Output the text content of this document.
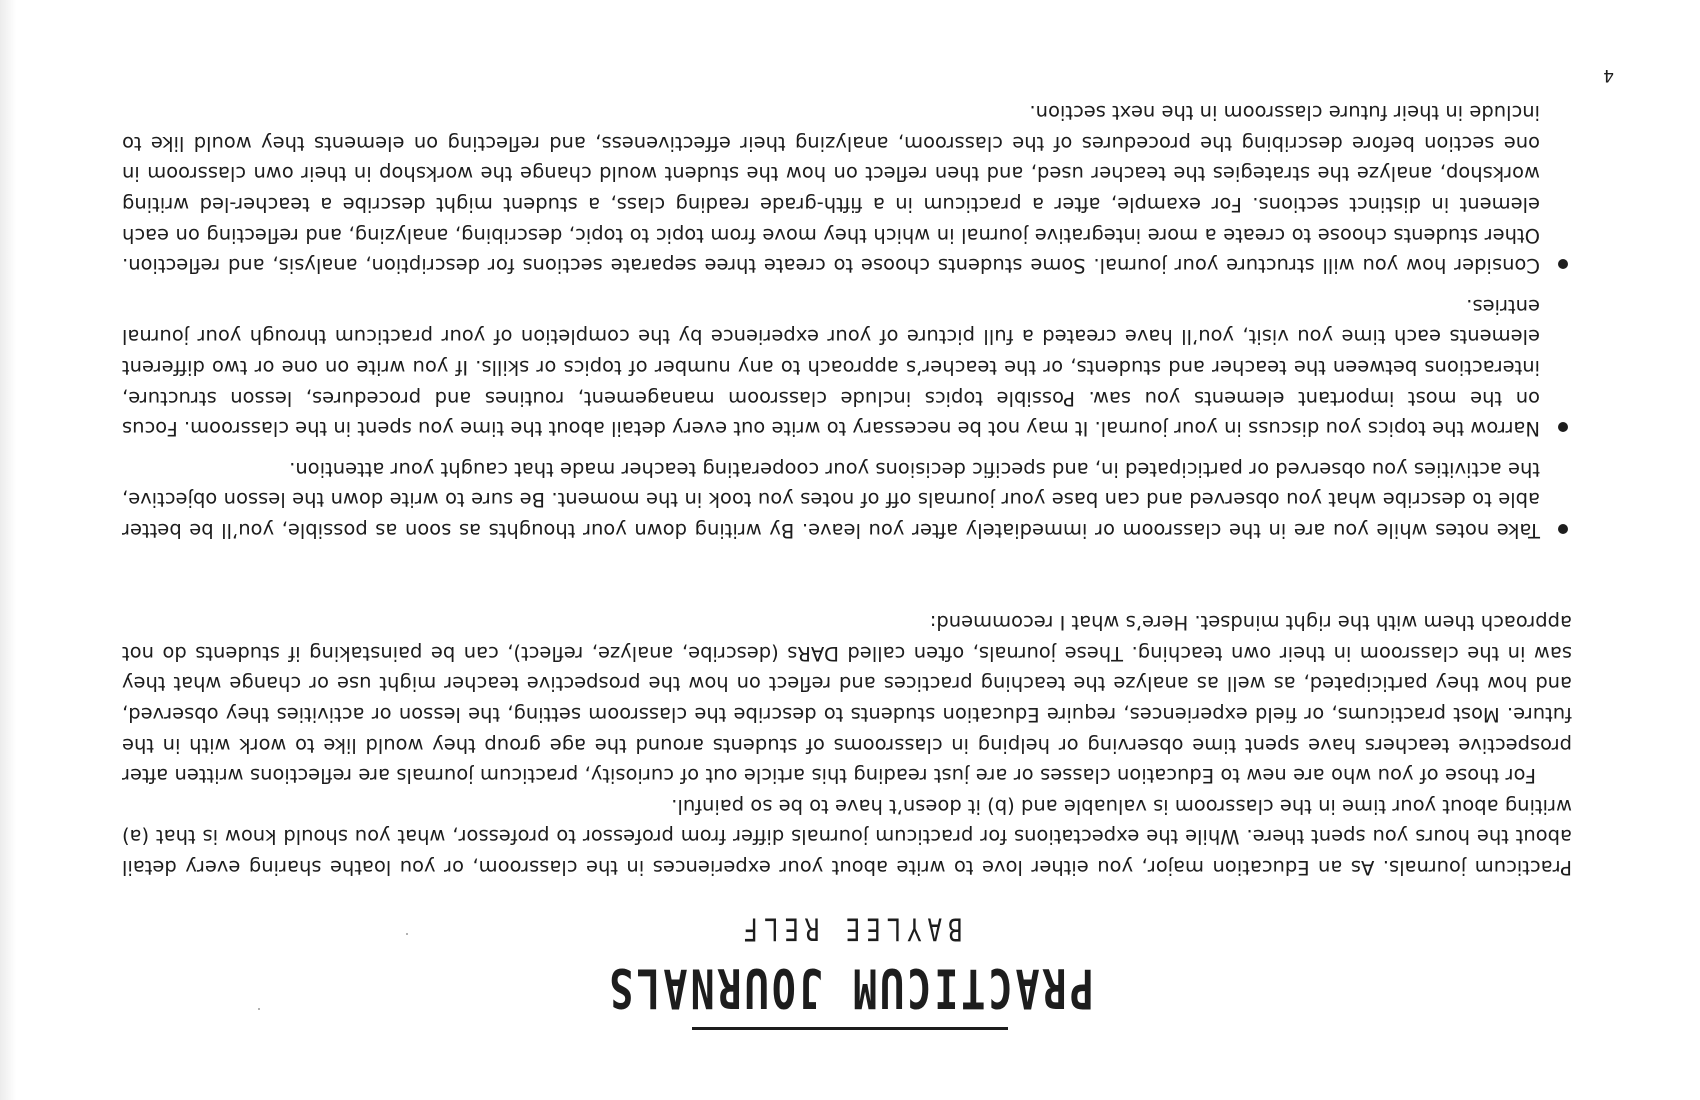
PRACTICUM JOURNALS
BAYLEE RELF

Practicum journals. As an Education major, you either love to write about your experiences in the classroom, or you loathe sharing every detail about the hours you spent there. While the expectations for practicum journals differ from professor to professor, what you should know is that (a) writing about your time in the classroom is valuable and (b) it doesn’t have to be so painful.

For those of you who are new to Education classes or are just reading this article out of curiosity, practicum journals are reflections written after prospective teachers have spent time observing or helping in classrooms of students around the age group they would like to work with in the future. Most practicums, or field experiences, require Education students to describe the classroom setting, the lesson or activities they observed, and how they participated, as well as analyze the teaching practices and reflect on how the prospective teacher might use or change what they saw in the classroom in their own teaching. These journals, often called DARs (describe, analyze, reflect), can be painstaking if students do not approach them with the right mindset. Here’s what I recommend:

Take notes while you are in the classroom or immediately after you leave. By writing down your thoughts as soon as possible, you’ll be better able to describe what you observed and can base your journals off of notes you took in the moment. Be sure to write down the lesson objective, the activities you observed or participated in, and specific decisions your cooperating teacher made that caught your attention.
Narrow the topics you discuss in your journal. It may not be necessary to write out every detail about the time you spent in the classroom. Focus on the most important elements you saw. Possible topics include classroom management, routines and procedures, lesson structure, interactions between the teacher and students, or the teacher’s approach to any number of topics or skills. If you write on one or two different elements each time you visit, you’ll have created a full picture of your experience by the completion of your practicum through your journal entries.
Consider how you will structure your journal. Some students choose to create three separate sections for description, analysis, and reflection. Other students choose to create a more integrative journal in which they move from topic to topic, describing, analyzing, and reflecting on each element in distinct sections. For example, after a practicum in a fifth-grade reading class, a student might describe a teacher-led writing workshop, analyze the strategies the teacher used, and then reflect on how the student would change the workshop in their own classroom in one section before describing the procedures of the classroom, analyzing their effectiveness, and reflecting on elements they would like to include in their future classroom in the next section.
4
